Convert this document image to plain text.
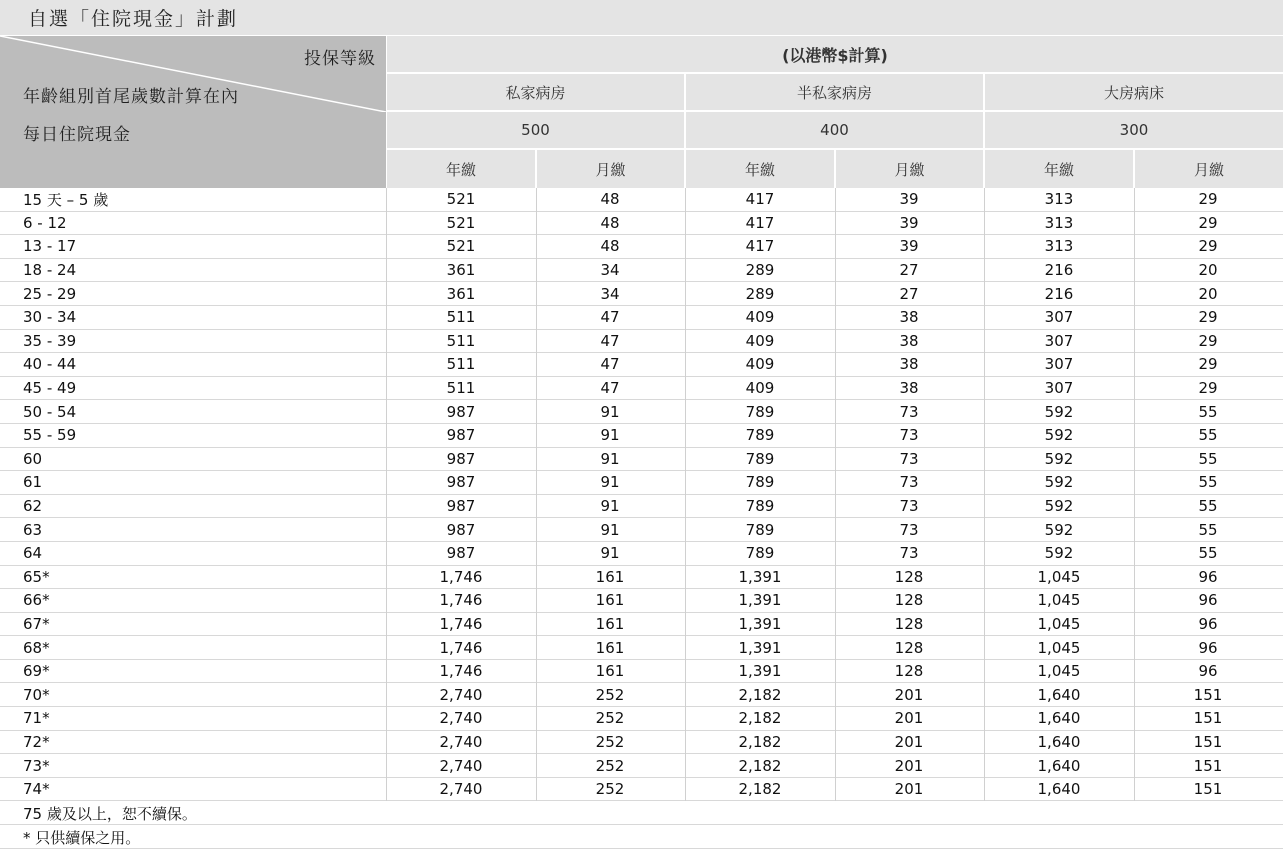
自選「住院現金」計劃
投保等級
年齡組別首尾歲數計算在內
每日住院現金
(以港幣$計算)
私家病房	半私家病房	大房病床
500	400	300
年繳	月繳	年繳	月繳	年繳	月繳
15 天 – 5 歲	521	48	417	39	313	29
6 - 12	521	48	417	39	313	29
13 - 17	521	48	417	39	313	29
18 - 24	361	34	289	27	216	20
25 - 29	361	34	289	27	216	20
30 - 34	511	47	409	38	307	29
35 - 39	511	47	409	38	307	29
40 - 44	511	47	409	38	307	29
45 - 49	511	47	409	38	307	29
50 - 54	987	91	789	73	592	55
55 - 59	987	91	789	73	592	55
60	987	91	789	73	592	55
61	987	91	789	73	592	55
62	987	91	789	73	592	55
63	987	91	789	73	592	55
64	987	91	789	73	592	55
65*	1,746	161	1,391	128	1,045	96
66*	1,746	161	1,391	128	1,045	96
67*	1,746	161	1,391	128	1,045	96
68*	1,746	161	1,391	128	1,045	96
69*	1,746	161	1,391	128	1,045	96
70*	2,740	252	2,182	201	1,640	151
71*	2,740	252	2,182	201	1,640	151
72*	2,740	252	2,182	201	1,640	151
73*	2,740	252	2,182	201	1,640	151
74*	2,740	252	2,182	201	1,640	151
75 歲及以上，恕不續保。
* 只供續保之用。
